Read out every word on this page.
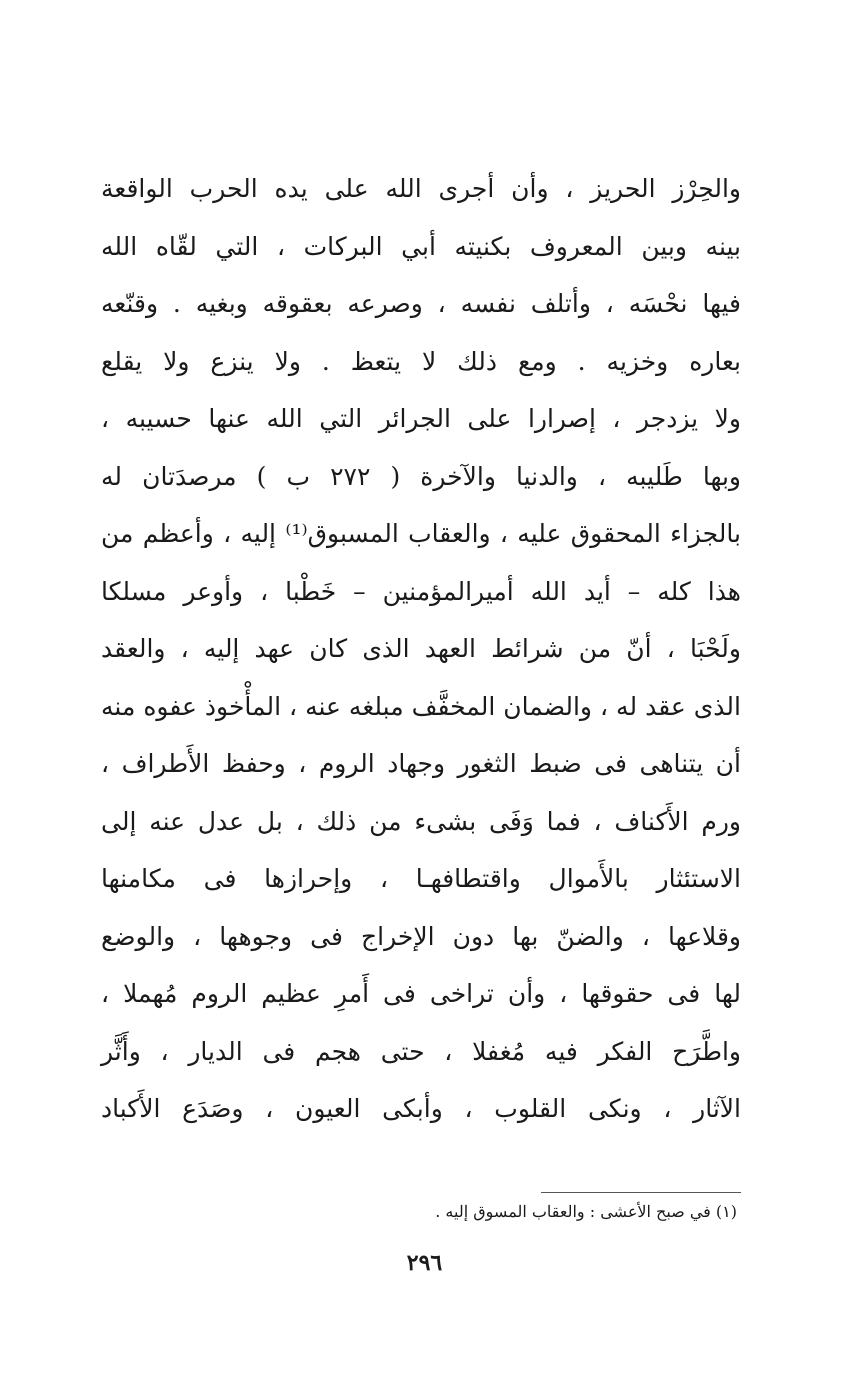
والحِرْز الحريز ، وأن أجرى الله على يده الحرب الواقعة
بينه وبين المعروف بكنيته أبي البركات ، التي لقّاه الله
فيها نحْسَه ، وأتلف نفسه ، وصرعه بعقوقه وبغيه . وقنّعه
بعاره وخزيه . ومع ذلك لا يتعظ . ولا ينزع ولا يقلع
ولا يزدجر ، إصرارا على الجرائر التي الله عنها حسيبه ،
وبها طَليبه ، والدنيا والآخرة ( ٢٧٢ ب ) مرصدَتان له
بالجزاء المحقوق عليه ، والعقاب المسبوق⁽¹⁾ إليه ، وأعظم من
هذا كله – أيد الله أميرالمؤمنين – خَطْبا ، وأوعر مسلكا
ولَحْبَا ، أنّ من شرائط العهد الذى كان عهد إليه ، والعقد
الذى عقد له ، والضمان المخفَّف مبلغه عنه ، المأْخوذ عفوه منه
أن يتناهى فى ضبط الثغور وجهاد الروم ، وحفظ الأَطراف ،
ورم الأَكناف ، فما وَفَى بشىء من ذلك ، بل عدل عنه إلى
الاستئثار بالأَموال واقتطافهـا ، وإحرازها فى مكامنها
وقلاعها ، والضنّ بها دون الإخراج فى وجوهها ، والوضع
لها فى حقوقها ، وأن تراخى فى أَمرِ عظيم الروم مُهملا ،
واطَّرَح الفكر فيه مُغفلا ، حتى هجم فى الديار ، وأَثَّر
الآثار ، ونكى القلوب ، وأبكى العيون ، وصَدَع الأَكباد
(١) في صبح الأعشى : والعقاب المسوق إليه .
٢٩٦
